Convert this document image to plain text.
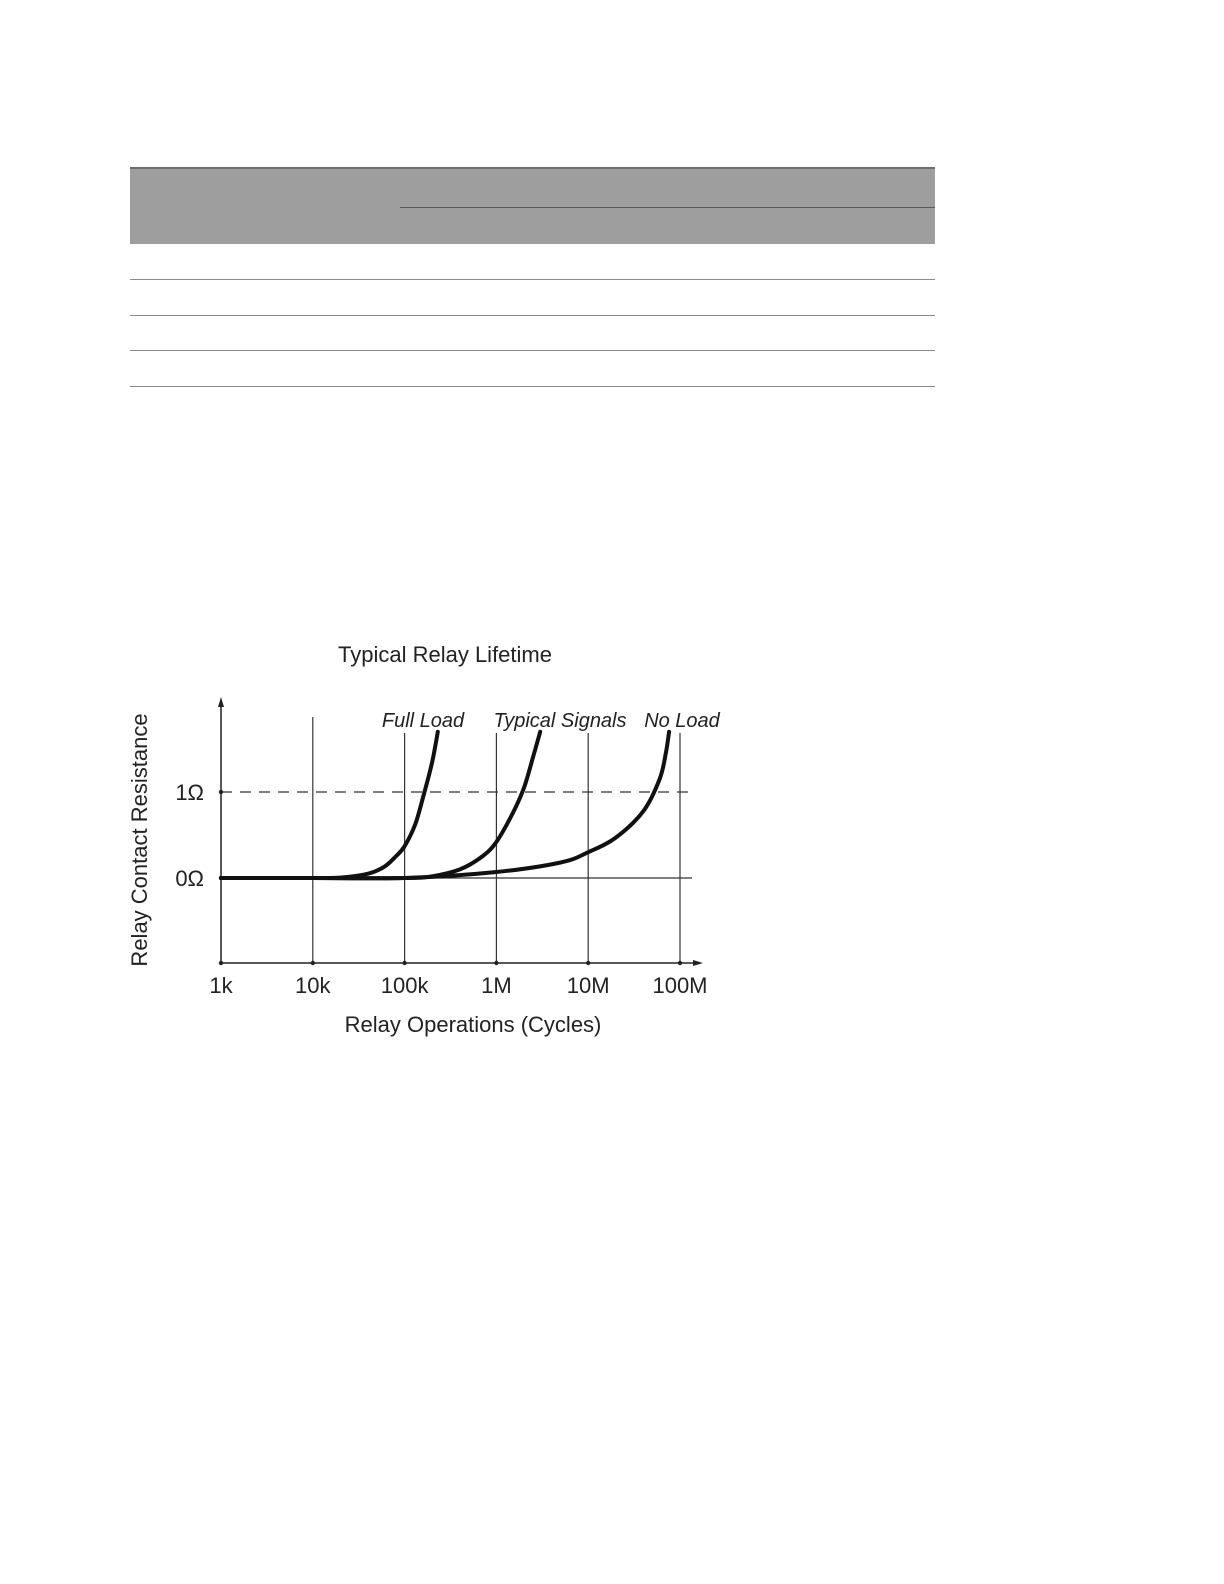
Typical Relay Lifetime
Relay Operations (Cycles)
Relay Contact Resistance
1k	10k 100k 1M	10M 100M
0Ω
1Ω
Full Load Typical Signals No Load
